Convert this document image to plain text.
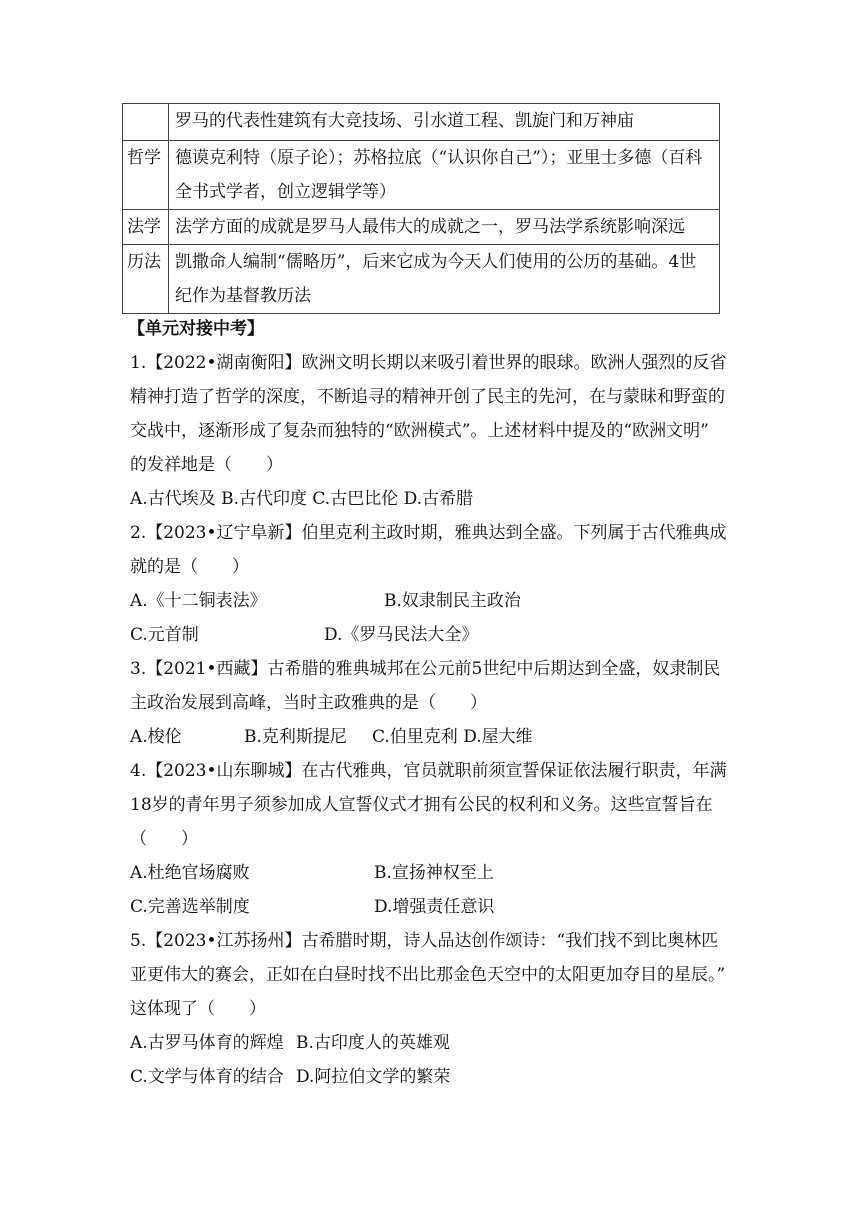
	罗马的代表性建筑有大竞技场、引水道工程、凯旋门和万神庙
哲学	德谟克利特（原子论）；苏格拉底（“认识你自己”）；亚里士多德（百科全书式学者，创立逻辑学等）
法学	法学方面的成就是罗马人最伟大的成就之一，罗马法学系统影响深远
历法	凯撒命人编制“儒略历”，后来它成为今天人们使用的公历的基础。4世纪作为基督教历法
【单元对接中考】
1.【2022•湖南衡阳】欧洲文明长期以来吸引着世界的眼球。欧洲人强烈的反省
精神打造了哲学的深度，不断追寻的精神开创了民主的先河，在与蒙昧和野蛮的
交战中，逐渐形成了复杂而独特的“欧洲模式”。上述材料中提及的“欧洲文明”
的发祥地是（　　）
A.古代埃及 B.古代印度 C.古巴比伦 D.古希腊
2.【2023•辽宁阜新】伯里克利主政时期，雅典达到全盛。下列属于古代雅典成
就的是（　　）
A.《十二铜表法》	B.奴隶制民主政治
C.元首制	D.《罗马民法大全》
3.【2021•西藏】古希腊的雅典城邦在公元前5世纪中后期达到全盛，奴隶制民
主政治发展到高峰，当时主政雅典的是（　　）
A.梭伦	B.克利斯提尼 C.伯里克利 D.屋大维
4.【2023•山东聊城】在古代雅典，官员就职前须宣誓保证依法履行职责，年满
18岁的青年男子须参加成人宣誓仪式才拥有公民的权利和义务。这些宣誓旨在
（　　）
A.杜绝官场腐败	B.宣扬神权至上
C.完善选举制度	D.增强责任意识
5.【2023•江苏扬州】古希腊时期，诗人品达创作颂诗：“我们找不到比奥林匹
亚更伟大的赛会，正如在白昼时找不出比那金色天空中的太阳更加夺目的星辰。”
这体现了（　　）
A.古罗马体育的辉煌 B.古印度人的英雄观
C.文学与体育的结合 D.阿拉伯文学的繁荣
